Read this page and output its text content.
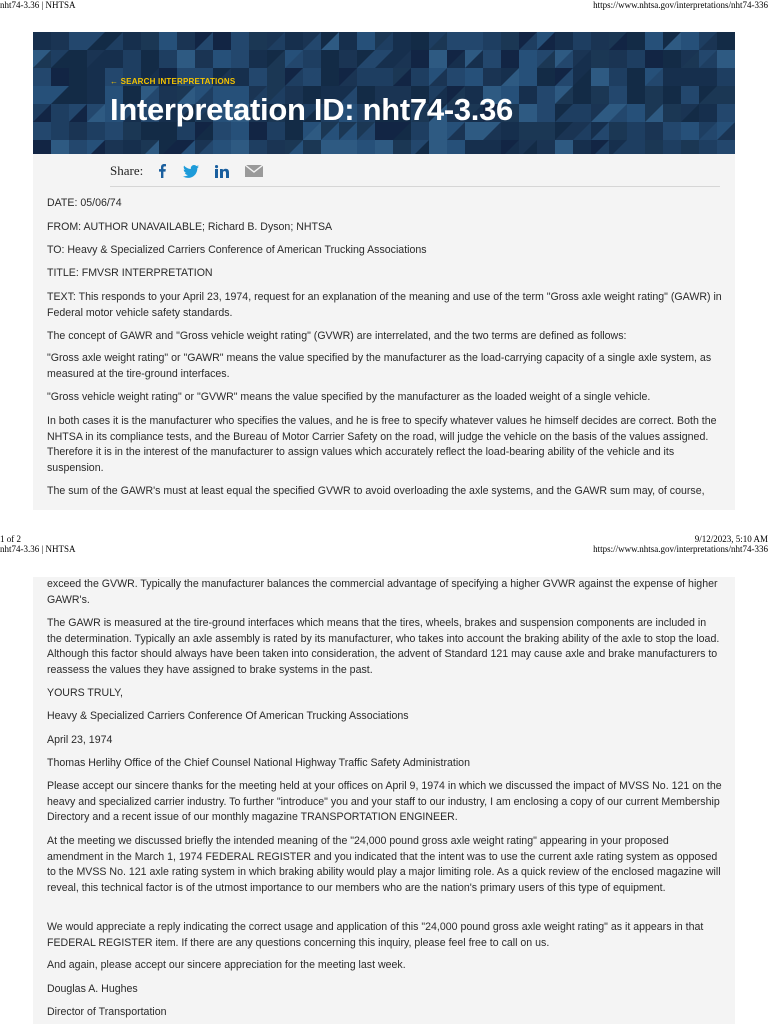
nht74-3.36 | NHTSA	https://www.nhtsa.gov/interpretations/nht74-336
1 of 2	9/12/2023, 5:10 AM
nht74-3.36 | NHTSA	https://www.nhtsa.gov/interpretations/nht74-336
← SEARCH INTERPRETATIONS
Interpretation ID: nht74-3.36
Share:

DATE: 05/06/74

FROM: AUTHOR UNAVAILABLE; Richard B. Dyson; NHTSA

TO: Heavy & Specialized Carriers Conference of American Trucking Associations

TITLE: FMVSR INTERPRETATION

TEXT: This responds to your April 23, 1974, request for an explanation of the meaning and use of the term "Gross axle weight rating" (GAWR) in Federal motor vehicle safety standards.

The concept of GAWR and "Gross vehicle weight rating" (GVWR) are interrelated, and the two terms are defined as follows:

"Gross axle weight rating" or "GAWR" means the value specified by the manufacturer as the load-carrying capacity of a single axle system, as measured at the tire-ground interfaces.

"Gross vehicle weight rating" or "GVWR" means the value specified by the manufacturer as the loaded weight of a single vehicle.

In both cases it is the manufacturer who specifies the values, and he is free to specify whatever values he himself decides are correct. Both the NHTSA in its compliance tests, and the Bureau of Motor Carrier Safety on the road, will judge the vehicle on the basis of the values assigned. Therefore it is in the interest of the manufacturer to assign values which accurately reflect the load-bearing ability of the vehicle and its suspension.

The sum of the GAWR's must at least equal the specified GVWR to avoid overloading the axle systems, and the GAWR sum may, of course,

exceed the GVWR. Typically the manufacturer balances the commercial advantage of specifying a higher GVWR against the expense of higher GAWR's.

The GAWR is measured at the tire-ground interfaces which means that the tires, wheels, brakes and suspension components are included in the determination. Typically an axle assembly is rated by its manufacturer, who takes into account the braking ability of the axle to stop the load. Although this factor should always have been taken into consideration, the advent of Standard 121 may cause axle and brake manufacturers to reassess the values they have assigned to brake systems in the past.

YOURS TRULY,

Heavy & Specialized Carriers Conference Of American Trucking Associations

April 23, 1974

Thomas Herlihy Office of the Chief Counsel National Highway Traffic Safety Administration

Please accept our sincere thanks for the meeting held at your offices on April 9, 1974 in which we discussed the impact of MVSS No. 121 on the heavy and specialized carrier industry. To further "introduce" you and your staff to our industry, I am enclosing a copy of our current Membership Directory and a recent issue of our monthly magazine TRANSPORTATION ENGINEER.

At the meeting we discussed briefly the intended meaning of the "24,000 pound gross axle weight rating" appearing in your proposed amendment in the March 1, 1974 FEDERAL REGISTER and you indicated that the intent was to use the current axle rating system as opposed to the MVSS No. 121 axle rating system in which braking ability would play a major limiting role. As a quick review of the enclosed magazine will reveal, this technical factor is of the utmost importance to our members who are the nation's primary users of this type of equipment.

We would appreciate a reply indicating the correct usage and application of this "24,000 pound gross axle weight rating" as it appears in that FEDERAL REGISTER item. If there are any questions concerning this inquiry, please feel free to call on us.

And again, please accept our sincere appreciation for the meeting last week.

Douglas A. Hughes

Director of Transportation
